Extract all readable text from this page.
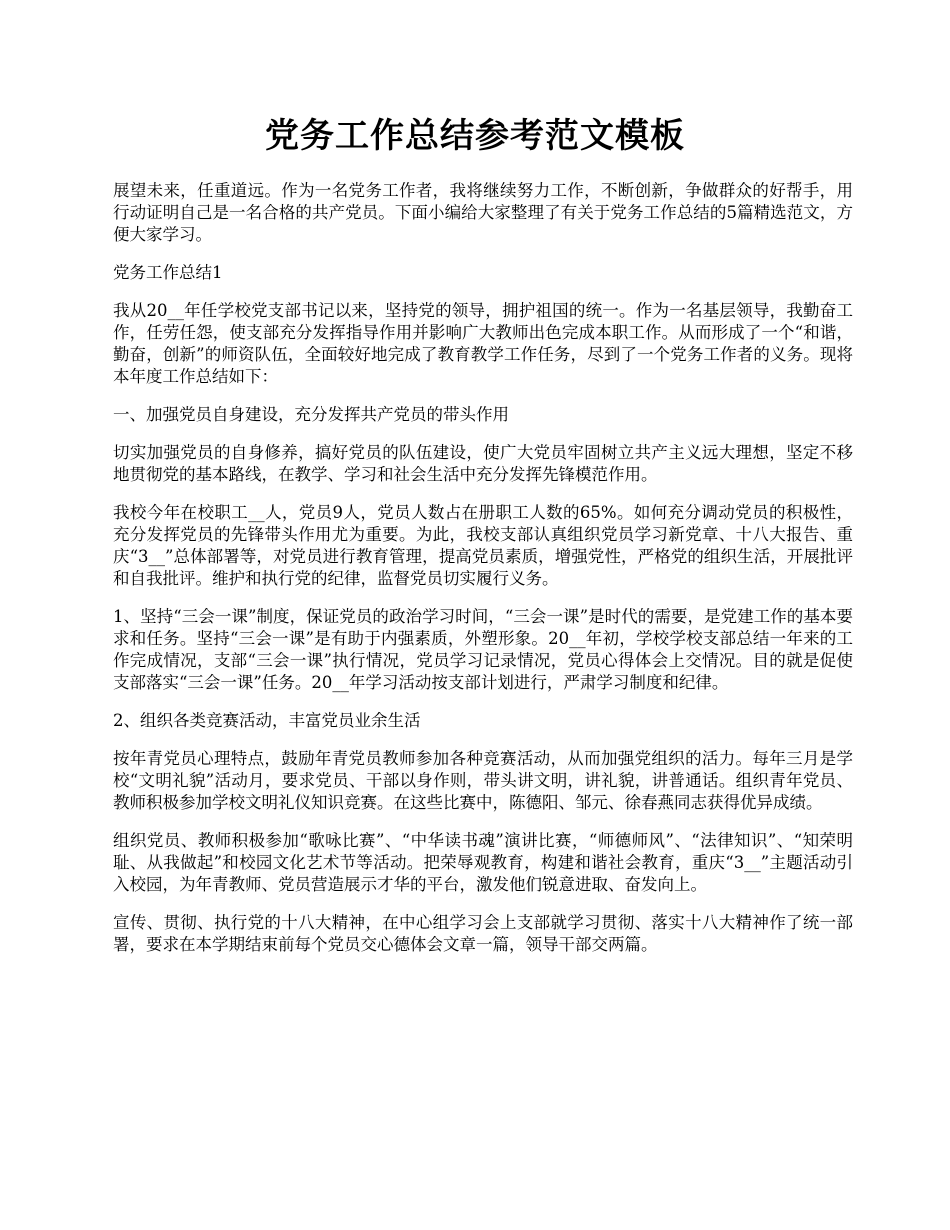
党务工作总结参考范文模板

展望未来，任重道远。作为一名党务工作者，我将继续努力工作，不断创新，争做群众的好帮手，用行动证明自己是一名合格的共产党员。下面小编给大家整理了有关于党务工作总结的5篇精选范文，方便大家学习。

党务工作总结1

我从20__年任学校党支部书记以来，坚持党的领导，拥护祖国的统一。作为一名基层领导，我勤奋工作，任劳任怨，使支部充分发挥指导作用并影响广大教师出色完成本职工作。从而形成了一个“和谐，勤奋，创新”的师资队伍，全面较好地完成了教育教学工作任务，尽到了一个党务工作者的义务。现将本年度工作总结如下：

一、加强党员自身建设，充分发挥共产党员的带头作用

切实加强党员的自身修养，搞好党员的队伍建设，使广大党员牢固树立共产主义远大理想，坚定不移地贯彻党的基本路线，在教学、学习和社会生活中充分发挥先锋模范作用。

我校今年在校职工__人，党员9人，党员人数占在册职工人数的65%。如何充分调动党员的积极性，充分发挥党员的先锋带头作用尤为重要。为此，我校支部认真组织党员学习新党章、十八大报告、重庆“3__”总体部署等，对党员进行教育管理，提高党员素质，增强党性，严格党的组织生活，开展批评和自我批评。维护和执行党的纪律，监督党员切实履行义务。

1、坚持“三会一课”制度，保证党员的政治学习时间，“三会一课”是时代的需要，是党建工作的基本要求和任务。坚持“三会一课”是有助于内强素质，外塑形象。20__年初，学校学校支部总结一年来的工作完成情况，支部“三会一课”执行情况，党员学习记录情况，党员心得体会上交情况。目的就是促使支部落实“三会一课”任务。20__年学习活动按支部计划进行，严肃学习制度和纪律。

2、组织各类竞赛活动，丰富党员业余生活

按年青党员心理特点，鼓励年青党员教师参加各种竞赛活动，从而加强党组织的活力。每年三月是学校“文明礼貌”活动月，要求党员、干部以身作则，带头讲文明，讲礼貌，讲普通话。组织青年党员、教师积极参加学校文明礼仪知识竞赛。在这些比赛中，陈德阳、邹元、徐春燕同志获得优异成绩。

组织党员、教师积极参加“歌咏比赛”、“中华读书魂”演讲比赛，“师德师风”、“法律知识”、“知荣明耻、从我做起”和校园文化艺术节等活动。把荣辱观教育，构建和谐社会教育，重庆“3__”主题活动引入校园，为年青教师、党员营造展示才华的平台，激发他们锐意进取、奋发向上。

宣传、贯彻、执行党的十八大精神，在中心组学习会上支部就学习贯彻、落实十八大精神作了统一部署，要求在本学期结束前每个党员交心德体会文章一篇，领导干部交两篇。
